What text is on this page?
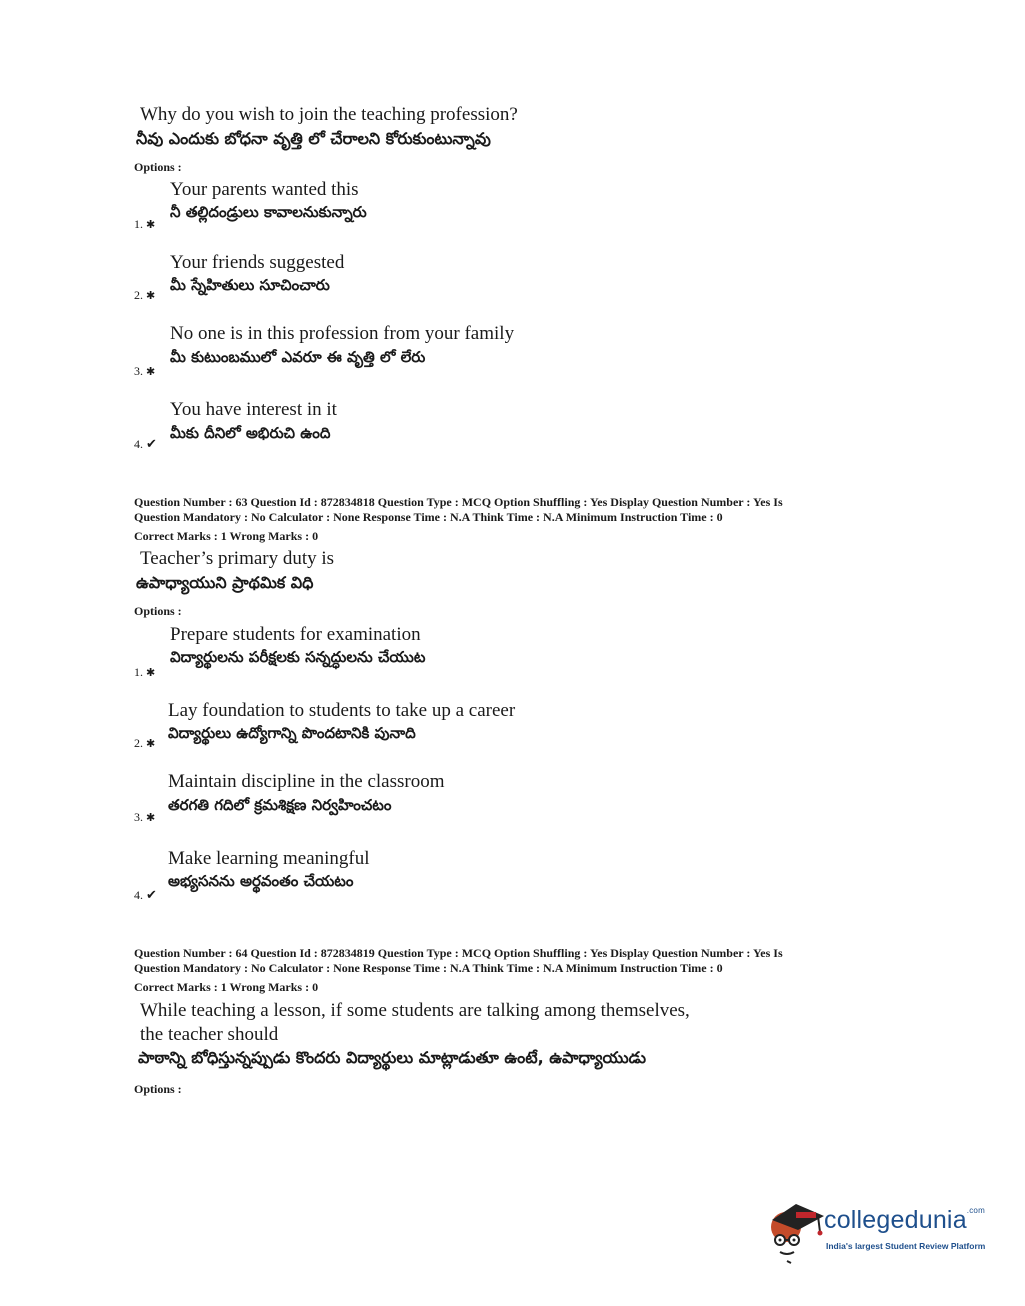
Why do you wish to join the teaching profession?
నీవు ఎందుకు బోధనా వృత్తి లో చేరాలని కోరుకుంటున్నావు
Options :
Your parents wanted this
నీ తల్లిదండ్రులు కావాలనుకున్నారు
1. ✱
Your friends suggested
మీ స్నేహితులు సూచించారు
2. ✱
No one is in this profession from your family
మీ కుటుంబములో ఎవరూ ఈ వృత్తి లో లేరు
3. ✱
You have interest in it
మీకు దీనిలో అభిరుచి ఉంది
4. ✔
Question Number : 63 Question Id : 872834818 Question Type : MCQ Option Shuffling : Yes Display Question Number : Yes Is
Question Mandatory : No Calculator : None Response Time : N.A Think Time : N.A Minimum Instruction Time : 0
Correct Marks : 1 Wrong Marks : 0
Teacher’s primary duty is
ఉపాధ్యాయుని ప్రాథమిక విధి
Options :
Prepare students for examination
విద్యార్థులను పరీక్షలకు సన్నద్ధులను చేయుట
1. ✱
Lay foundation to students to take up a career
విద్యార్థులు ఉద్యోగాన్ని పొందటానికి పునాది
2. ✱
Maintain discipline in the classroom
తరగతి గదిలో క్రమశిక్షణ నిర్వహించటం
3. ✱
Make learning meaningful
అభ్యసనను అర్థవంతం చేయటం
4. ✔
Question Number : 64 Question Id : 872834819 Question Type : MCQ Option Shuffling : Yes Display Question Number : Yes Is
Question Mandatory : No Calculator : None Response Time : N.A Think Time : N.A Minimum Instruction Time : 0
Correct Marks : 1 Wrong Marks : 0
While teaching a lesson, if some students are talking among themselves,
the teacher should
పాఠాన్ని బోధిస్తున్నప్పుడు కొందరు విద్యార్థులు మాట్లాడుతూ ఉంటే, ఉపాధ్యాయుడు
Options :
collegedunia$^{.com}$
India's largest Student Review Platform
